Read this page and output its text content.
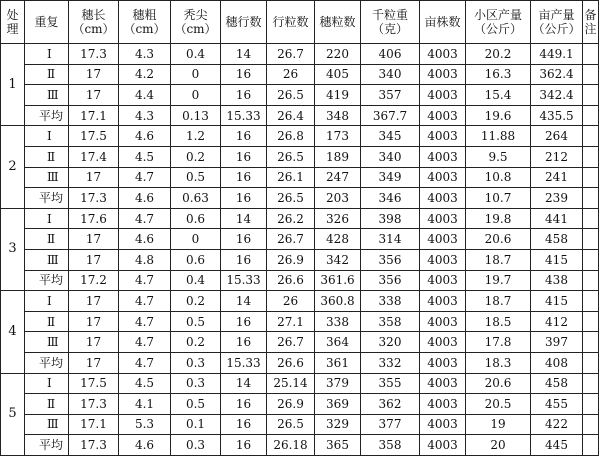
处理	重复	穗长（cm）	穗粗（cm）	秃尖（cm）	穗行数	行粒数	穗粒数	千粒重（克）	亩株数	小区产量（公斤）	亩产量（公斤）	备注
1	Ⅰ	17.3	4.3	0.4	14	26.7	220	406	4003	20.2	449.1	
	Ⅱ	17	4.2	0	16	26	405	340	4003	16.3	362.4	
	Ⅲ	17	4.4	0	16	26.5	419	357	4003	15.4	342.4	
	平均	17.1	4.3	0.13	15.33	26.4	348	367.7	4003	19.6	435.5	
2	Ⅰ	17.5	4.6	1.2	16	26.8	173	345	4003	11.88	264	
	Ⅱ	17.4	4.5	0.2	16	26.5	189	340	4003	9.5	212	
	Ⅲ	17	4.7	0.5	16	26.1	247	349	4003	10.8	241	
	平均	17.3	4.6	0.63	16	26.5	203	346	4003	10.7	239	
3	Ⅰ	17.6	4.7	0.6	14	26.2	326	398	4003	19.8	441	
	Ⅱ	17	4.6	0	16	26.7	428	314	4003	20.6	458	
	Ⅲ	17	4.8	0.6	16	26.9	342	356	4003	18.7	415	
	平均	17.2	4.7	0.4	15.33	26.6	361.6	356	4003	19.7	438	
4	Ⅰ	17	4.7	0.2	14	26	360.8	338	4003	18.7	415	
	Ⅱ	17	4.7	0.5	16	27.1	338	358	4003	18.5	412	
	Ⅲ	17	4.7	0.2	16	26.7	364	320	4003	17.8	397	
	平均	17	4.7	0.3	15.33	26.6	361	332	4003	18.3	408	
5	Ⅰ	17.5	4.5	0.3	14	25.14	379	355	4003	20.6	458	
	Ⅱ	17.3	4.1	0.5	16	26.9	369	362	4003	20.5	455	
	Ⅲ	17.1	5.3	0.1	16	26.5	329	377	4003	19	422	
	平均	17.3	4.6	0.3	16	26.18	365	358	4003	20	445	
